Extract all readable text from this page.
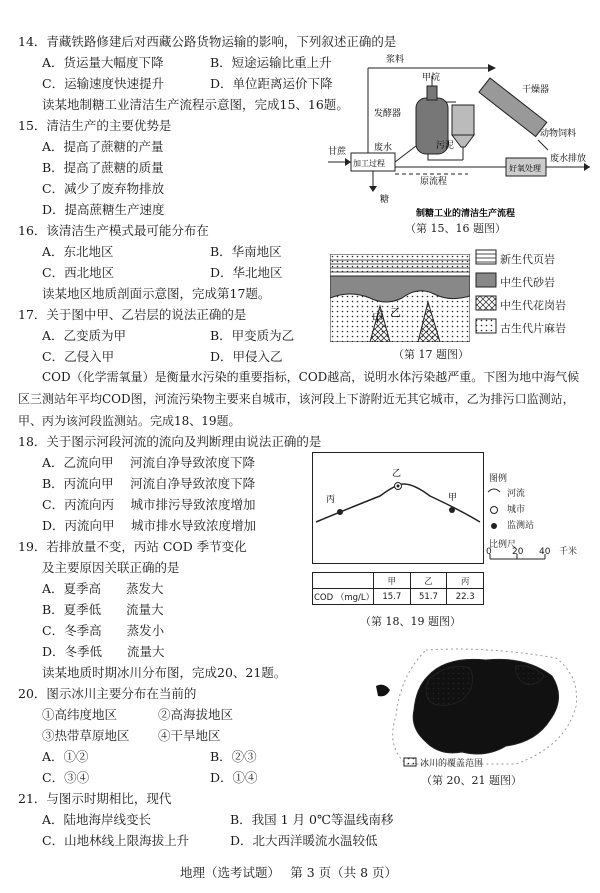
14．青藏铁路修建后对西藏公路货物运输的影响，下列叙述正确的是
A．货运量大幅度下降	B．短途运输比重上升
C．运输速度快速提升	D．单位距离运价下降
读某地制糖工业清洁生产流程示意图，完成15、16题。
15．清洁生产的主要优势是
A．提高了蔗糖的产量
B．提高了蔗糖的质量
C．减少了废弃物排放
D．提高蔗糖生产速度
16．该清洁生产模式最可能分布在
A．东北地区	B．华南地区
C．西北地区	D．华北地区
读某地区地质剖面示意图，完成第17题。
17．关于图中甲、乙岩层的说法正确的是
A．乙变质为甲	B．甲变质为乙
C．乙侵入甲	D．甲侵入乙
COD（化学需氧量）是衡量水污染的重要指标，COD越高，说明水体污染越严重。下图为地中海气候区三测站年平均COD图，河流污染物主要来自城市，该河段上下游附近无其它城市，乙为排污口监测站，甲、丙为该河段监测站。完成18、19题。
18．关于图示河段河流的流向及判断理由说法正确的是
A．乙流向甲　 河流自净导致浓度下降
B．丙流向甲　 河流自净导致浓度下降
C．丙流向丙　 城市排污导致浓度增加
D．丙流向甲　 城市排水导致浓度增加
19．若排放量不变，丙站 COD 季节变化
及主要原因关联正确的是
A．夏季高　　蒸发大
B．夏季低　　流量大
C．冬季高　　蒸发小
D．冬季低　　流量大
读某地质时期冰川分布图，完成20、21题。
20．图示冰川主要分布在当前的
①高纬度地区	②高海拔地区
③热带草原地区 ④干旱地区
A．①②	B．②③
C．③④	D．①④
21．与图示时期相比，现代
A．陆地海岸线变长	B．我国 1 月 0℃等温线南移
C．山地林线上限海拔上升	D．北大西洋暖流水温较低
地理（选考试题）　 第 3 页（共 8 页）
浆料
甲烷
干燥器
发酵器
动物饲料
污泥
废水
甘蔗
加工过程
好氧处理
废水排放
原流程
糖
制糖工业的清洁生产流程
（第 15、16 题图）
甲 乙
新生代页岩
中生代砂岩
中生代花岗岩
古生代片麻岩
（第 17 题图）
丙
乙
甲
图例
河流
城市
监测站
比例尺
0 20 40 千米
	甲	乙	丙
COD （mg/L）	15.7	51.7	22.3
（第 18、19 题图）
冰川的覆盖范围
（第 20、21 题图）
